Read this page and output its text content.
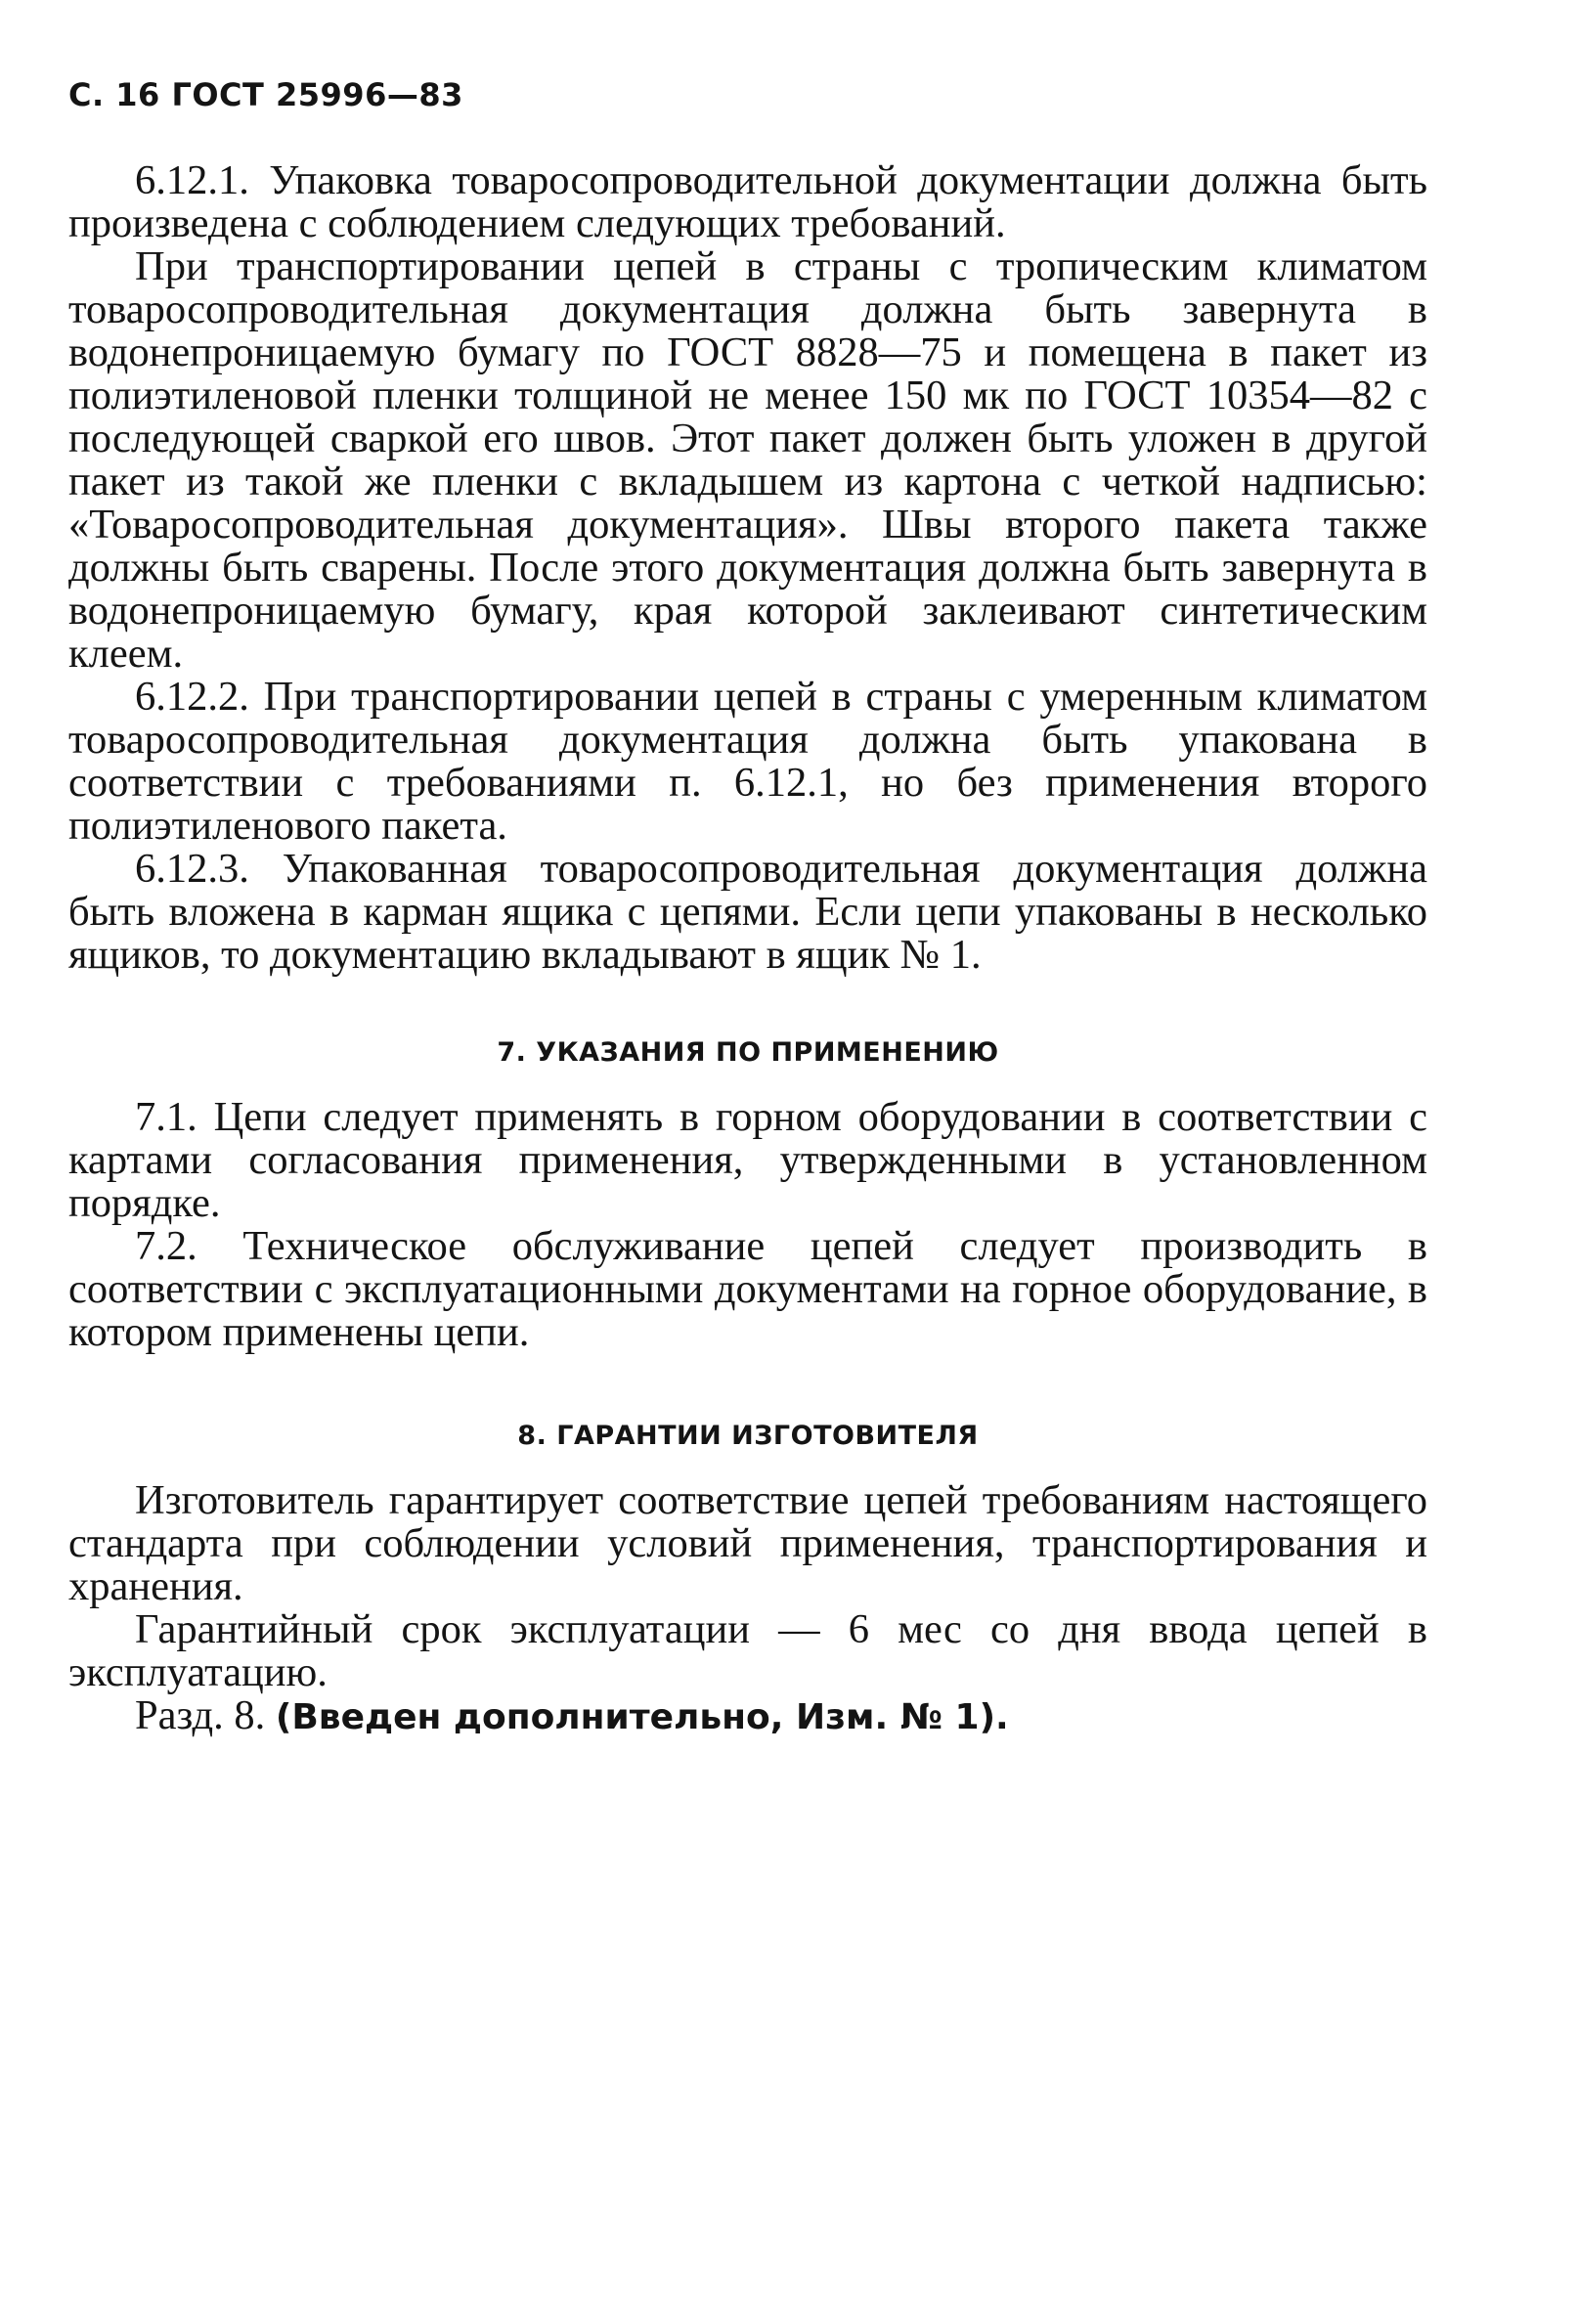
С. 16 ГОСТ 25996—83

6.12.1. Упаковка товаросопроводительной документации должна быть произведена с соблюдением следующих требований.

При транспортировании цепей в страны с тропическим климатом товаросопроводительная документация должна быть завернута в водонепроницаемую бумагу по ГОСТ 8828—75 и помещена в пакет из полиэтиленовой пленки толщиной не менее 150 мк по ГОСТ 10354—82 с последующей сваркой его швов. Этот пакет должен быть уложен в другой пакет из такой же пленки с вкладышем из картона с четкой надписью: «Товаросопроводительная документация». Швы второго пакета также должны быть сварены. После этого документация должна быть завернута в водонепроницаемую бумагу, края которой заклеивают синтетическим клеем.

6.12.2. При транспортировании цепей в страны с умеренным климатом товаросопроводительная документация должна быть упакована в соответствии с требованиями п. 6.12.1, но без применения второго полиэтиленового пакета.

6.12.3. Упакованная товаросопроводительная документация должна быть вложена в карман ящика с цепями. Если цепи упакованы в несколько ящиков, то документацию вкладывают в ящик № 1.

7. УКАЗАНИЯ ПО ПРИМЕНЕНИЮ

7.1. Цепи следует применять в горном оборудовании в соответствии с картами согласования применения, утвержденными в установленном порядке.

7.2. Техническое обслуживание цепей следует производить в соответствии с эксплуатационными документами на горное оборудование, в котором применены цепи.

8. ГАРАНТИИ ИЗГОТОВИТЕЛЯ

Изготовитель гарантирует соответствие цепей требованиям настоящего стандарта при соблюдении условий применения, транспортирования и хранения.

Гарантийный срок эксплуатации — 6 мес со дня ввода цепей в эксплуатацию.

Разд. 8. (Введен дополнительно, Изм. № 1).
